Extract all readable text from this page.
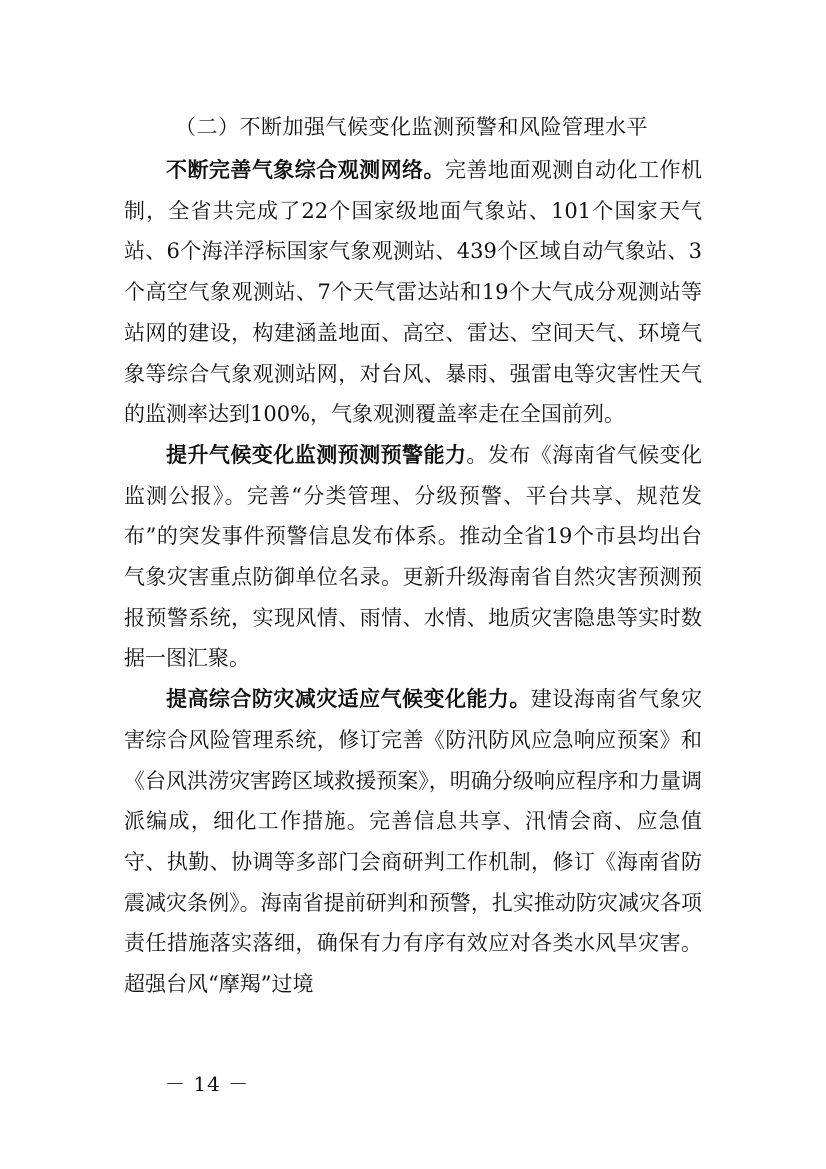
（二）不断加强气候变化监测预警和风险管理水平

不断完善气象综合观测网络。完善地面观测自动化工作机制，全省共完成了22个国家级地面气象站、101个国家天气站、6个海洋浮标国家气象观测站、439个区域自动气象站、3个高空气象观测站、7个天气雷达站和19个大气成分观测站等站网的建设，构建涵盖地面、高空、雷达、空间天气、环境气象等综合气象观测站网，对台风、暴雨、强雷电等灾害性天气的监测率达到100%，气象观测覆盖率走在全国前列。

提升气候变化监测预测预警能力。发布《海南省气候变化监测公报》。完善“分类管理、分级预警、平台共享、规范发布”的突发事件预警信息发布体系。推动全省19个市县均出台气象灾害重点防御单位名录。更新升级海南省自然灾害预测预报预警系统，实现风情、雨情、水情、地质灾害隐患等实时数据一图汇聚。

提高综合防灾减灾适应气候变化能力。建设海南省气象灾害综合风险管理系统，修订完善《防汛防风应急响应预案》和《台风洪涝灾害跨区域救援预案》，明确分级响应程序和力量调派编成，细化工作措施。完善信息共享、汛情会商、应急值守、执勤、协调等多部门会商研判工作机制，修订《海南省防震减灾条例》。海南省提前研判和预警，扎实推动防灾减灾各项责任措施落实落细，确保有力有序有效应对各类水风旱灾害。超强台风“摩羯”过境

－ 14 －
